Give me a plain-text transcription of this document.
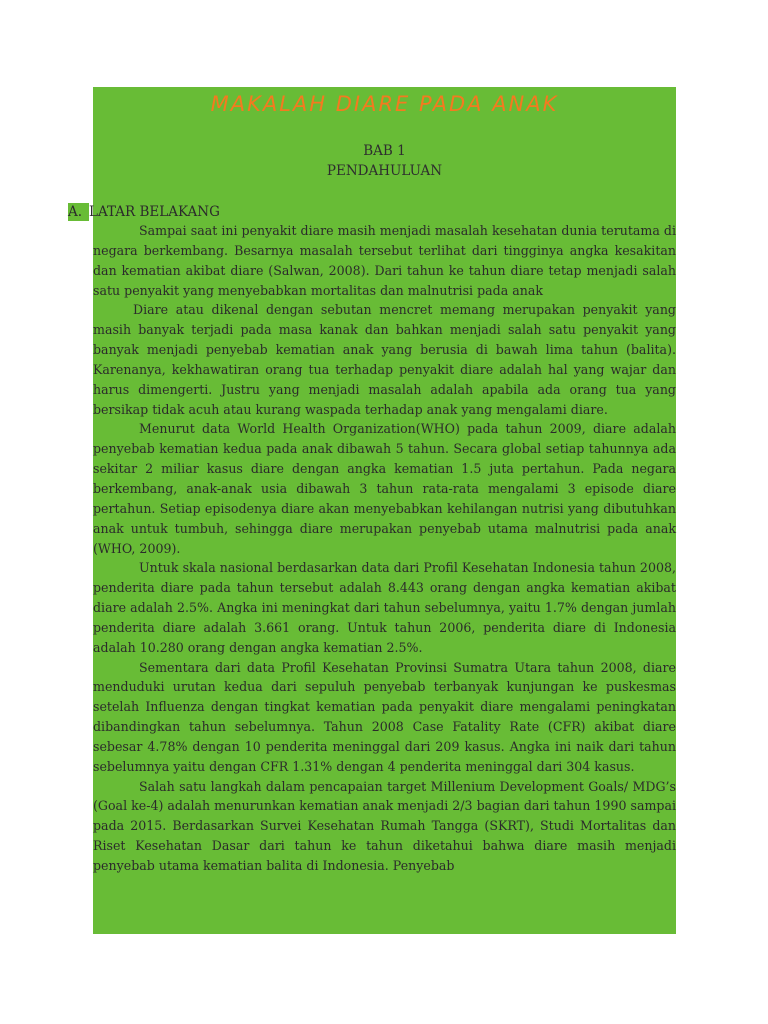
MAKALAH DIARE PADA ANAK
BAB 1
PENDAHULUAN
A. LATAR BELAKANG

Sampai saat ini penyakit diare masih menjadi masalah kesehatan dunia terutama di negara berkembang. Besarnya masalah tersebut terlihat dari tingginya angka kesakitan dan kematian akibat diare (Salwan, 2008). Dari tahun ke tahun diare tetap menjadi salah satu penyakit yang menyebabkan mortalitas dan malnutrisi pada anak

Diare atau dikenal dengan sebutan mencret memang merupakan penyakit yang masih banyak terjadi pada masa kanak dan bahkan menjadi salah satu penyakit yang banyak menjadi penyebab kematian anak yang berusia di bawah lima tahun (balita). Karenanya, kekhawatiran orang tua terhadap penyakit diare adalah hal yang wajar dan harus dimengerti. Justru yang menjadi masalah adalah apabila ada orang tua yang bersikap tidak acuh atau kurang waspada terhadap anak yang mengalami diare.

Menurut data World Health Organization(WHO) pada tahun 2009, diare adalah penyebab kematian kedua pada anak dibawah 5 tahun. Secara global setiap tahunnya ada sekitar 2 miliar kasus diare dengan angka kematian 1.5 juta pertahun. Pada negara berkembang, anak-anak usia dibawah 3 tahun rata-rata mengalami 3 episode diare pertahun. Setiap episodenya diare akan menyebabkan kehilangan nutrisi yang dibutuhkan anak untuk tumbuh, sehingga diare merupakan penyebab utama malnutrisi pada anak (WHO, 2009).

Untuk skala nasional berdasarkan data dari Profil Kesehatan Indonesia tahun 2008, penderita diare pada tahun tersebut adalah 8.443 orang dengan angka kematian akibat diare adalah 2.5%. Angka ini meningkat dari tahun sebelumnya, yaitu 1.7% dengan jumlah penderita diare adalah 3.661 orang. Untuk tahun 2006, penderita diare di Indonesia adalah 10.280 orang dengan angka kematian 2.5%.

Sementara dari data Profil Kesehatan Provinsi Sumatra Utara tahun 2008, diare menduduki urutan kedua dari sepuluh penyebab terbanyak kunjungan ke puskesmas setelah Influenza dengan tingkat kematian pada penyakit diare mengalami peningkatan dibandingkan tahun sebelumnya. Tahun 2008 Case Fatality Rate (CFR) akibat diare sebesar 4.78% dengan 10 penderita meninggal dari 209 kasus. Angka ini naik dari tahun sebelumnya yaitu dengan CFR 1.31% dengan 4 penderita meninggal dari 304 kasus.

Salah satu langkah dalam pencapaian target Millenium Development Goals/ MDG’s (Goal ke-4) adalah menurunkan kematian anak menjadi 2/3 bagian dari tahun 1990 sampai pada 2015. Berdasarkan Survei Kesehatan Rumah Tangga (SKRT), Studi Mortalitas dan Riset Kesehatan Dasar dari tahun ke tahun diketahui bahwa diare masih menjadi penyebab utama kematian balita di Indonesia. Penyebab
